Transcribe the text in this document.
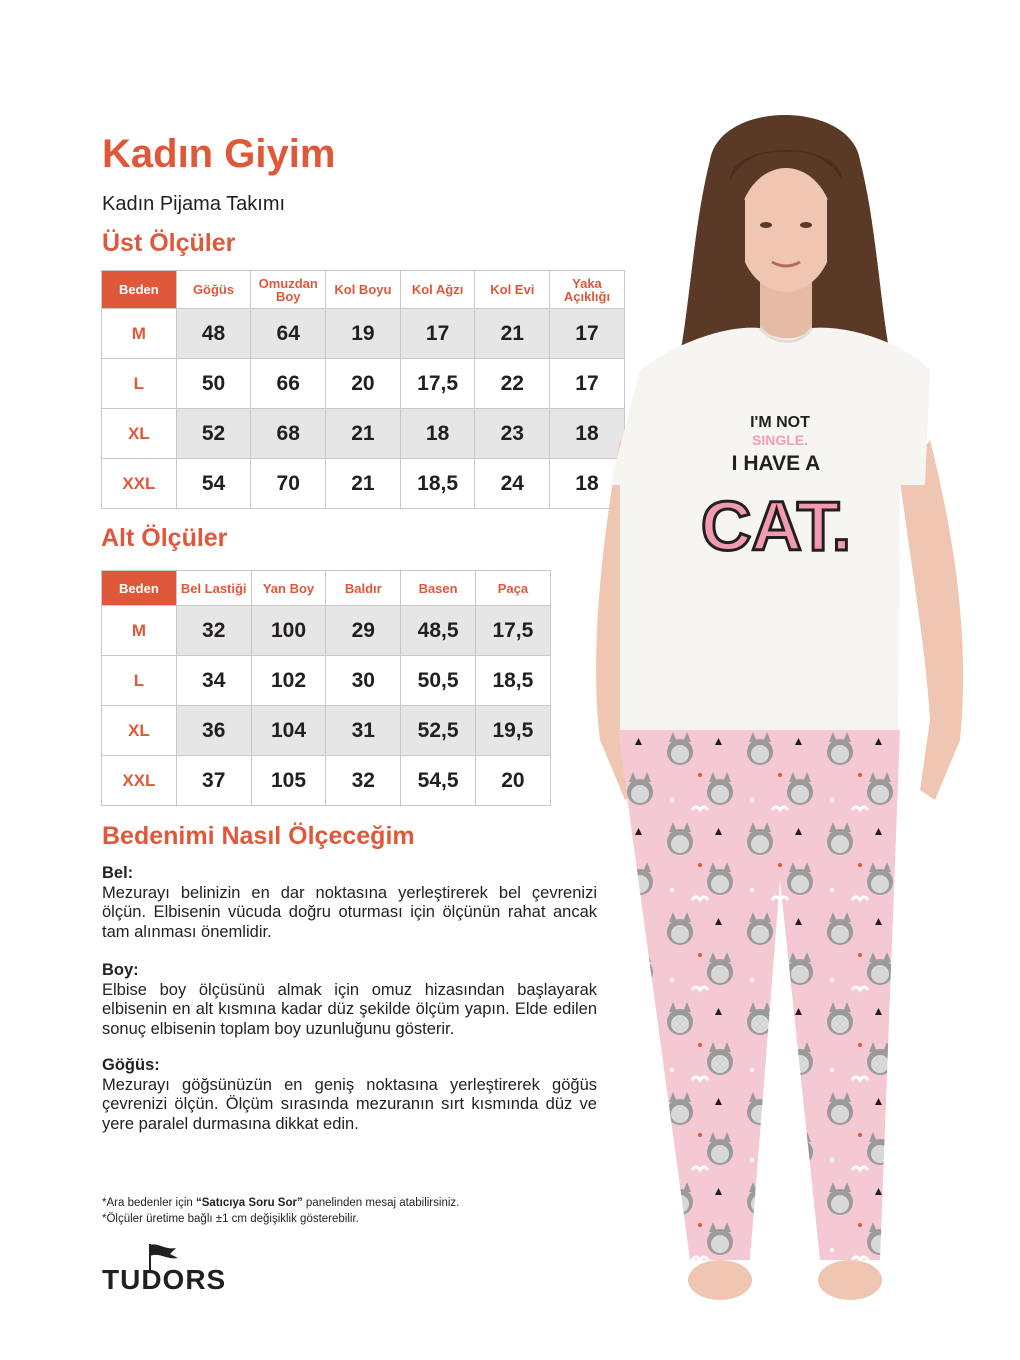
Kadın Giyim
Kadın Pijama Takımı
Üst Ölçüler
Beden	Göğüs	Omuzdan Boy	Kol Boyu	Kol Ağzı	Kol Evi	Yaka Açıklığı
M	48	64	19	17	21	17
L	50	66	20	17,5	22	17
XL	52	68	21	18	23	18
XXL	54	70	21	18,5	24	18
Alt Ölçüler
Beden	Bel Lastiği	Yan Boy	Baldır	Basen	Paça
M	32	100	29	48,5	17,5
L	34	102	30	50,5	18,5
XL	36	104	31	52,5	19,5
XXL	37	105	32	54,5	20
Bedenimi Nasıl Ölçeceğim
Bel:
Mezurayı belinizin en dar noktasına yerleştirerek bel çevrenizi ölçün. Elbisenin vücuda doğru oturması için ölçünün rahat ancak tam alınması önemlidir.
Boy:
Elbise boy ölçüsünü almak için omuz hizasından başlayarak elbisenin en alt kısmına kadar düz şekilde ölçüm yapın. Elde edilen sonuç elbisenin toplam boy uzunluğunu gösterir.
Göğüs:
Mezurayı göğsünüzün en geniş noktasına yerleştirerek göğüs çevrenizi ölçün. Ölçüm sırasında mezuranın sırt kısmında düz ve yere paralel durmasına dikkat edin.
*Ara bedenler için “Satıcıya Soru Sor” panelinden mesaj atabilirsiniz.
*Ölçüler üretime bağlı ±1 cm değişiklik gösterebilir.
TUDORS
I'M NOT
SINGLE.
I HAVE A
CAT.
